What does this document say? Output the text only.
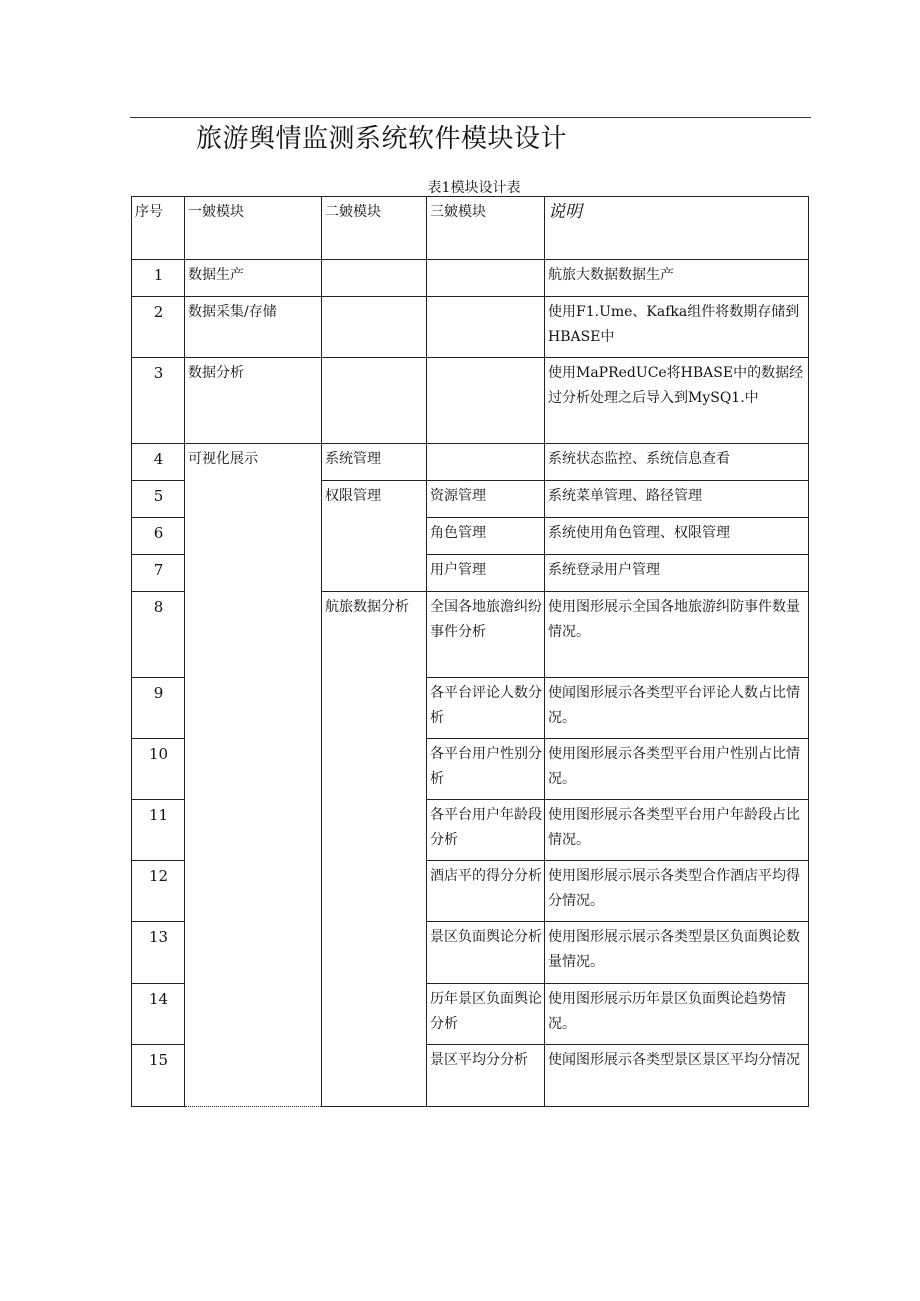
旅游舆情监测系统软件模块设计
表1模块设计表
序号	一皴模块	二皴模块	三皴模块	说明
1	数据生产			航旅大数据数据生产
2	数据采集/存储			使用F1.Ume、Kafka组件将数期存储到HBASE中
3	数据分析			使用MaPRedUCe将HBASE中的数据经过分析处理之后导入到MySQ1.中
4	可视化展示	系统管理		系统状态监控、系统信息查看
5		权限管理	资源管理	系统菜单管理、路径管理
6			角色管理	系统使用角色管理、权限管理
7			用户管理	系统登录用户管理
8		航旅数据分析	全国各地旅澹纠纷事件分析	使用图形展示全国各地旅游纠防事件数量情况。
9			各平台评论人数分析	使闻图形展示各类型平台评论人数占比情况。
10			各平台用户性别分析	使用图形展示各类型平台用户性别占比情况。
11			各平台用户年龄段分析	使用图形展示各类型平台用户年龄段占比情况。
12			酒店平的得分分析	使用图形展示展示各类型合作酒店平均得分情况。
13			景区负面舆论分析	使用图形展示展示各类型景区负面舆论数量情况。
14			历年景区负面舆论分析	使用图形展示历年景区负面舆论趋势情况。
15			景区平均分分析	使闻图形展示各类型景区景区平均分情况
